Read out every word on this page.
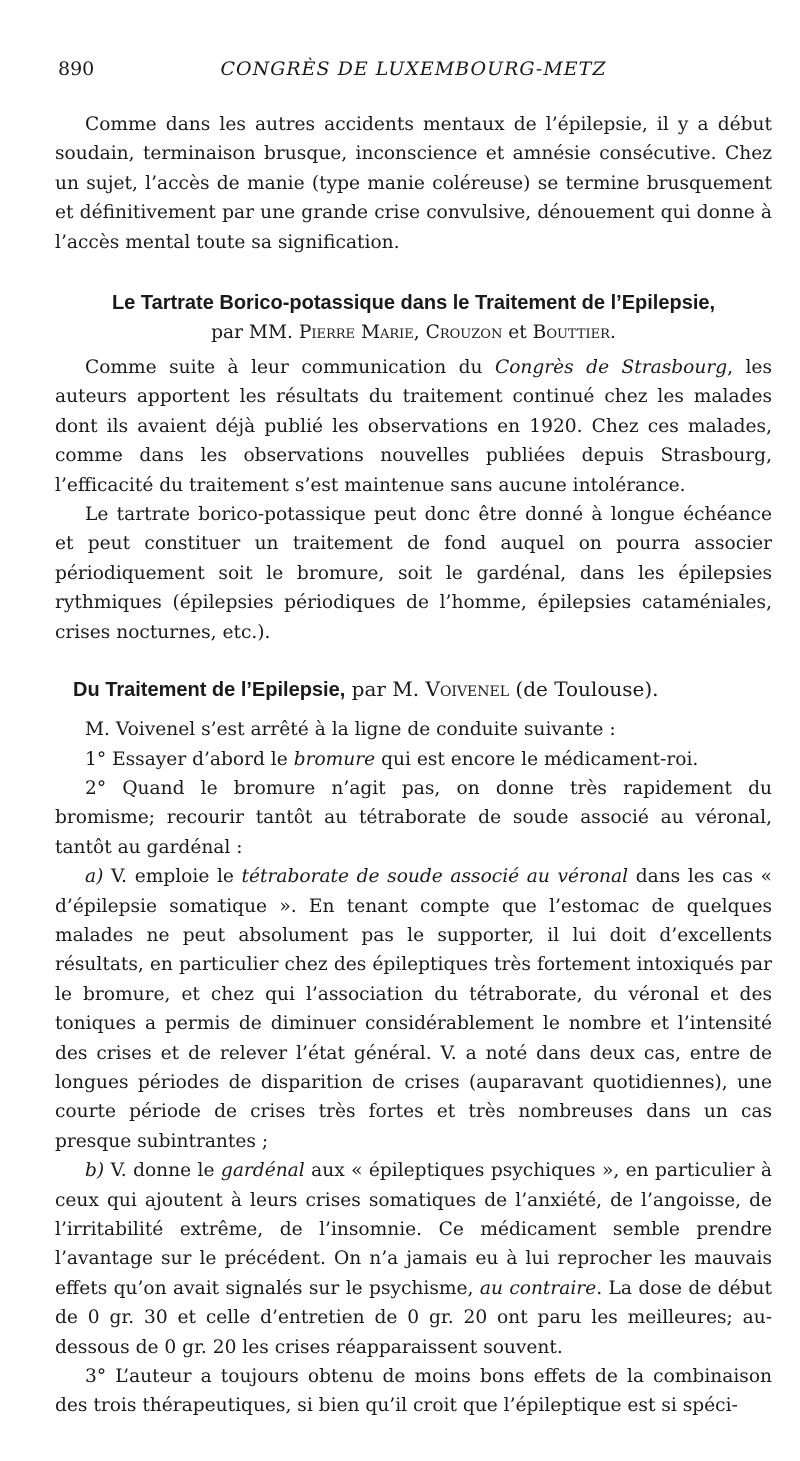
890	CONGRÈS DE LUXEMBOURG-METZ

Comme dans les autres accidents mentaux de l’épilepsie, il y a début soudain, terminaison brusque, inconscience et amnésie consécutive. Chez un sujet, l’accès de manie (type manie coléreuse) se termine brusquement et définitivement par une grande crise convulsive, dénouement qui donne à l’accès mental toute sa signification.

Le Tartrate Borico-potassique dans le Traitement de l’Epilepsie,
par MM. Pierre Marie, Crouzon et Bouttier.

Comme suite à leur communication du Congrès de Strasbourg, les auteurs apportent les résultats du traitement continué chez les malades dont ils avaient déjà publié les observations en 1920. Chez ces malades, comme dans les observations nouvelles publiées depuis Strasbourg, l’efficacité du traitement s’est maintenue sans aucune intolérance.

Le tartrate borico-potassique peut donc être donné à longue échéance et peut constituer un traitement de fond auquel on pourra associer périodiquement soit le bromure, soit le gardénal, dans les épilepsies rythmiques (épilepsies périodiques de l’homme, épilepsies cataméniales, crises nocturnes, etc.).

Du Traitement de l’Epilepsie, par M. Voivenel (de Toulouse).

M. Voivenel s’est arrêté à la ligne de conduite suivante :

1° Essayer d’abord le bromure qui est encore le médicament-roi.

2° Quand le bromure n’agit pas, on donne très rapidement du bromisme; recourir tantôt au tétraborate de soude associé au véronal, tantôt au gardénal :

a) V. emploie le tétraborate de soude associé au véronal dans les cas « d’épilepsie somatique ». En tenant compte que l’estomac de quelques malades ne peut absolument pas le supporter, il lui doit d’excellents résultats, en particulier chez des épileptiques très fortement intoxiqués par le bromure, et chez qui l’association du tétraborate, du véronal et des toniques a permis de diminuer considérablement le nombre et l’intensité des crises et de relever l’état général. V. a noté dans deux cas, entre de longues périodes de disparition de crises (auparavant quotidiennes), une courte période de crises très fortes et très nombreuses dans un cas presque subintrantes ;

b) V. donne le gardénal aux « épileptiques psychiques », en particulier à ceux qui ajoutent à leurs crises somatiques de l’anxiété, de l’angoisse, de l’irritabilité extrême, de l’insomnie. Ce médicament semble prendre l’avantage sur le précédent. On n’a jamais eu à lui reprocher les mauvais effets qu’on avait signalés sur le psychisme, au contraire. La dose de début de 0 gr. 30 et celle d’entretien de 0 gr. 20 ont paru les meilleures; au-dessous de 0 gr. 20 les crises réapparaissent souvent.

3° L’auteur a toujours obtenu de moins bons effets de la combinaison des trois thérapeutiques, si bien qu’il croit que l’épileptique est si spéci-
